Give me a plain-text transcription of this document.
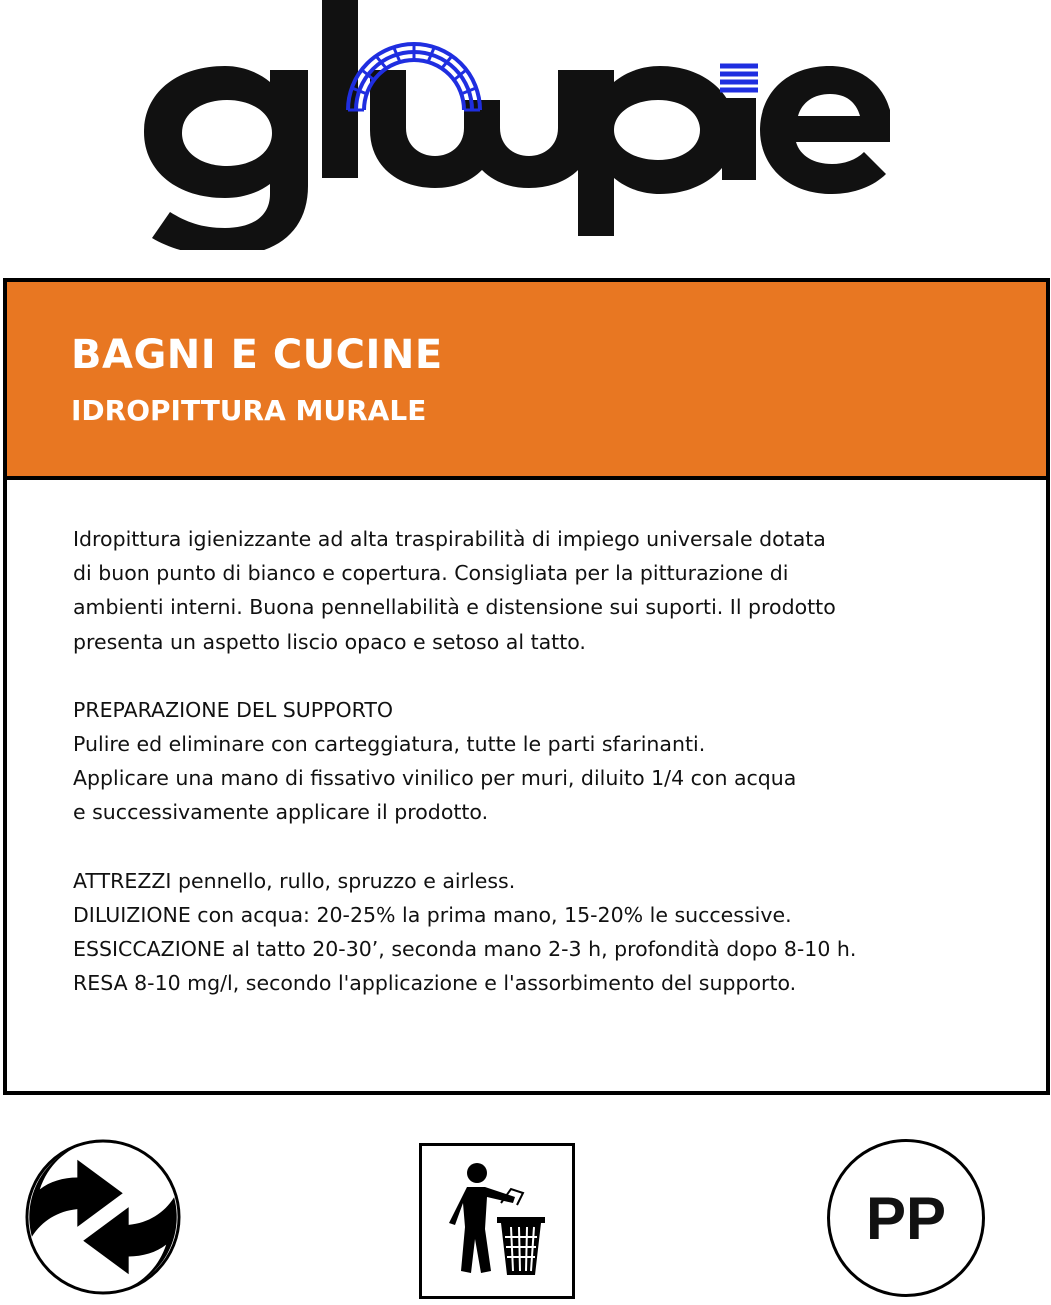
BAGNI E CUCINE
IDROPITTURA MURALE

Idropittura igienizzante ad alta traspirabilità di impiego universale dotata

di buon punto di bianco e copertura. Consigliata per la pitturazione di

ambienti interni. Buona pennellabilità e distensione sui suporti. Il prodotto

presenta un aspetto liscio opaco e setoso al tatto.

PREPARAZIONE DEL SUPPORTO

Pulire ed eliminare con carteggiatura, tutte le parti sfarinanti.

Applicare una mano di fissativo vinilico per muri, diluito 1/4 con acqua

e successivamente applicare il prodotto.

ATTREZZI pennello, rullo, spruzzo e airless.

DILUIZIONE con acqua: 20-25% la prima mano, 15-20% le successive.

ESSICCAZIONE al tatto 20-30’, seconda mano 2-3 h, profondità dopo 8-10 h.

RESA 8-10 mg/l, secondo l'applicazione e l'assorbimento del supporto.

PP
